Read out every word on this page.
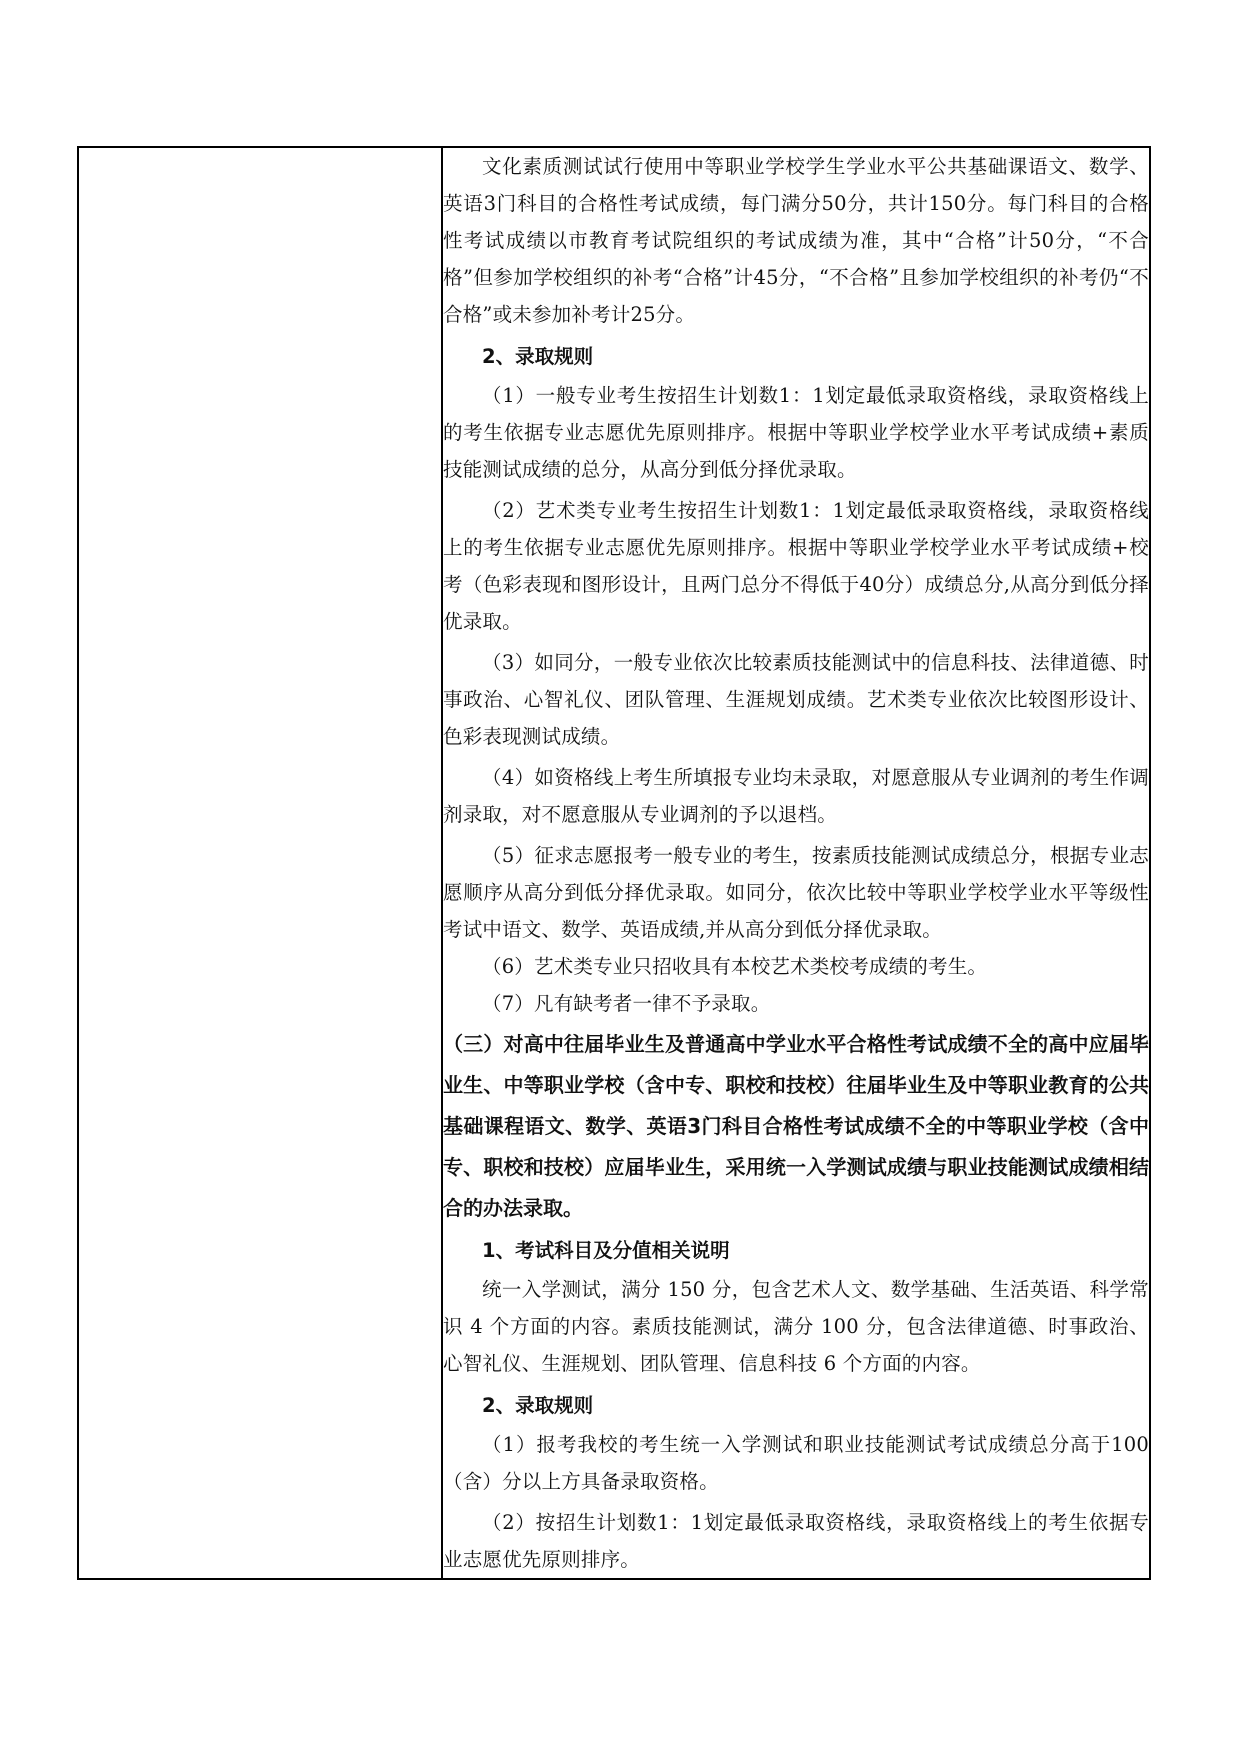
文化素质测试试行使用中等职业学校学生学业水平公共基础课语文、数学、英语3门科目的合格性考试成绩，每门满分50分，共计150分。每门科目的合格性考试成绩以市教育考试院组织的考试成绩为准，其中“合格”计50分，“不合格”但参加学校组织的补考“合格”计45分，“不合格”且参加学校组织的补考仍“不合格”或未参加补考计25分。

2、录取规则

（1）一般专业考生按招生计划数1：1划定最低录取资格线，录取资格线上的考生依据专业志愿优先原则排序。根据中等职业学校学业水平考试成绩+素质技能测试成绩的总分，从高分到低分择优录取。

（2）艺术类专业考生按招生计划数1：1划定最低录取资格线，录取资格线上的考生依据专业志愿优先原则排序。根据中等职业学校学业水平考试成绩+校考（色彩表现和图形设计，且两门总分不得低于40分）成绩总分,从高分到低分择优录取。

（3）如同分，一般专业依次比较素质技能测试中的信息科技、法律道德、时事政治、心智礼仪、团队管理、生涯规划成绩。艺术类专业依次比较图形设计、色彩表现测试成绩。

（4）如资格线上考生所填报专业均未录取，对愿意服从专业调剂的考生作调剂录取，对不愿意服从专业调剂的予以退档。

（5）征求志愿报考一般专业的考生，按素质技能测试成绩总分，根据专业志愿顺序从高分到低分择优录取。如同分，依次比较中等职业学校学业水平等级性考试中语文、数学、英语成绩,并从高分到低分择优录取。

（6）艺术类专业只招收具有本校艺术类校考成绩的考生。

（7）凡有缺考者一律不予录取。

（三）对高中往届毕业生及普通高中学业水平合格性考试成绩不全的高中应届毕业生、中等职业学校（含中专、职校和技校）往届毕业生及中等职业教育的公共基础课程语文、数学、英语3门科目合格性考试成绩不全的中等职业学校（含中专、职校和技校）应届毕业生，采用统一入学测试成绩与职业技能测试成绩相结合的办法录取。

1、考试科目及分值相关说明

统一入学测试，满分 150 分，包含艺术人文、数学基础、生活英语、科学常识 4 个方面的内容。素质技能测试，满分 100 分，包含法律道德、时事政治、心智礼仪、生涯规划、团队管理、信息科技 6 个方面的内容。

2、录取规则

（1）报考我校的考生统一入学测试和职业技能测试考试成绩总分高于100（含）分以上方具备录取资格。

（2）按招生计划数1：1划定最低录取资格线，录取资格线上的考生依据专业志愿优先原则排序。
